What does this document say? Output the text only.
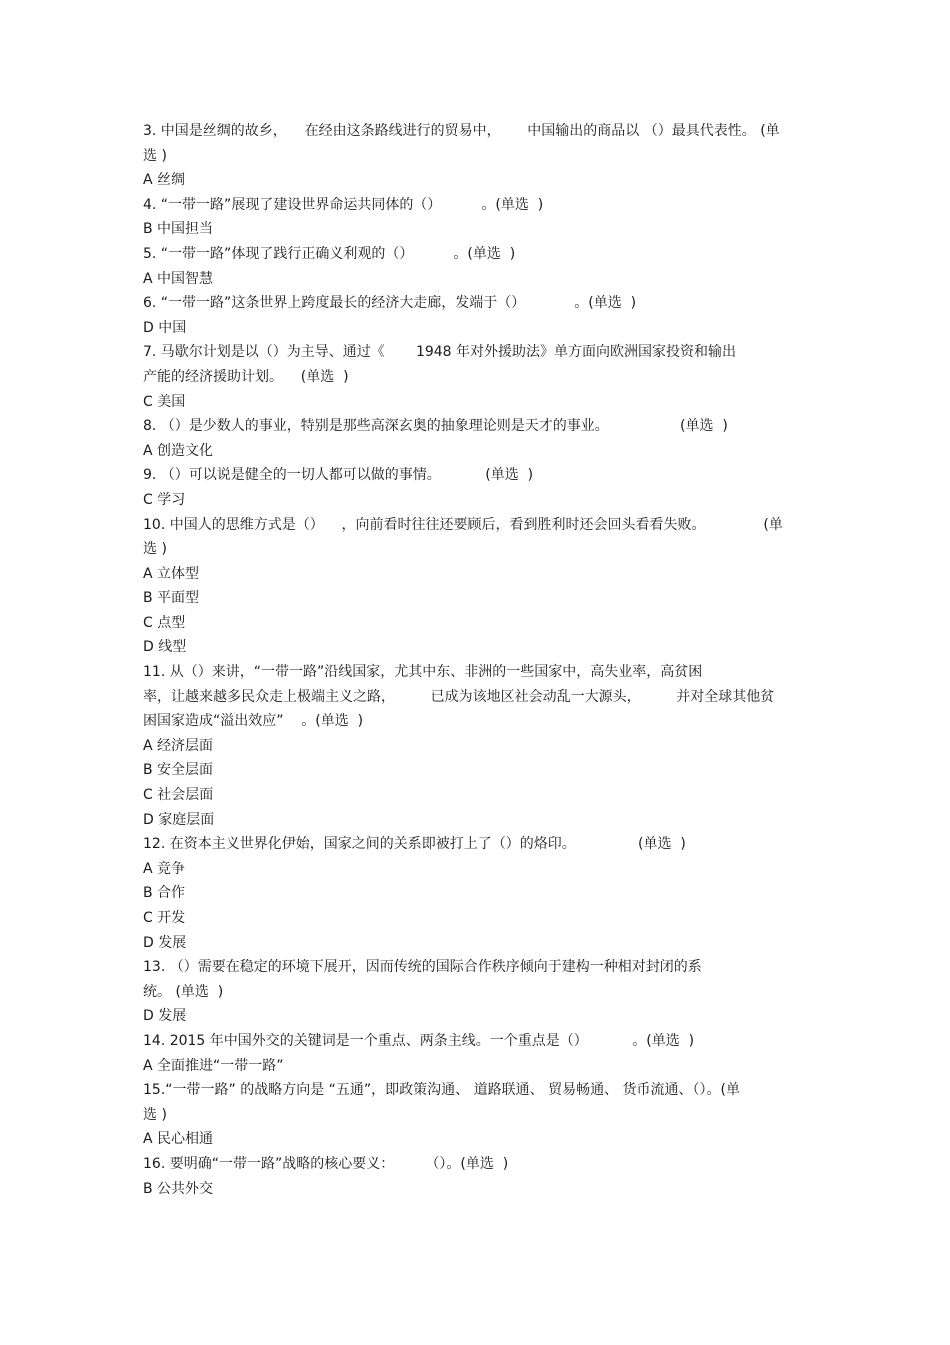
3. 中国是丝绸的故乡，    在经由这条路线进行的贸易中，      中国输出的商品以 （）最具代表性。 (单

选 )

A 丝绸

4. “一带一路”展现了建设世界命运共同体的（）         。(单选  )

B 中国担当

5. “一带一路”体现了践行正确义利观的（）         。(单选  )

A 中国智慧

6. “一带一路”这条世界上跨度最长的经济大走廊，发端于（）           。(单选  )

D 中国

7. 马歇尔计划是以（）为主导、通过《       1948 年对外援助法》单方面向欧洲国家投资和输出

产能的经济援助计划。    (单选  )

C 美国

8. （）是少数人的事业，特别是那些高深玄奥的抽象理论则是天才的事业。                (单选  )

A 创造文化

9. （）可以说是健全的一切人都可以做的事情。          (单选  )

C 学习

10. 中国人的思维方式是（）    ，向前看时往往还要顾后，看到胜利时还会回头看看失败。             (单

选 )

A 立体型

B 平面型

C 点型

D 线型

11. 从（）来讲，“一带一路”沿线国家，尤其中东、非洲的一些国家中，高失业率，高贫困

率，让越来越多民众走上极端主义之路，        已成为该地区社会动乱一大源头，        并对全球其他贫

困国家造成“溢出效应”    。(单选  )

A 经济层面

B 安全层面

C 社会层面

D 家庭层面

12. 在资本主义世界化伊始，国家之间的关系即被打上了（）的烙印。              (单选  )

A 竞争

B 合作

C 开发

D 发展

13. （）需要在稳定的环境下展开，因而传统的国际合作秩序倾向于建构一种相对封闭的系

统。 (单选  )

D 发展

14. 2015 年中国外交的关键词是一个重点、两条主线。一个重点是（）          。(单选  )

A 全面推进“一带一路”

15.“一带一路” 的战略方向是 “五通”，即政策沟通、 道路联通、 贸易畅通、 货币流通、（）。(单

选 )

A 民心相通

16. 要明确“一带一路”战略的核心要义：       （）。(单选  )

B 公共外交
